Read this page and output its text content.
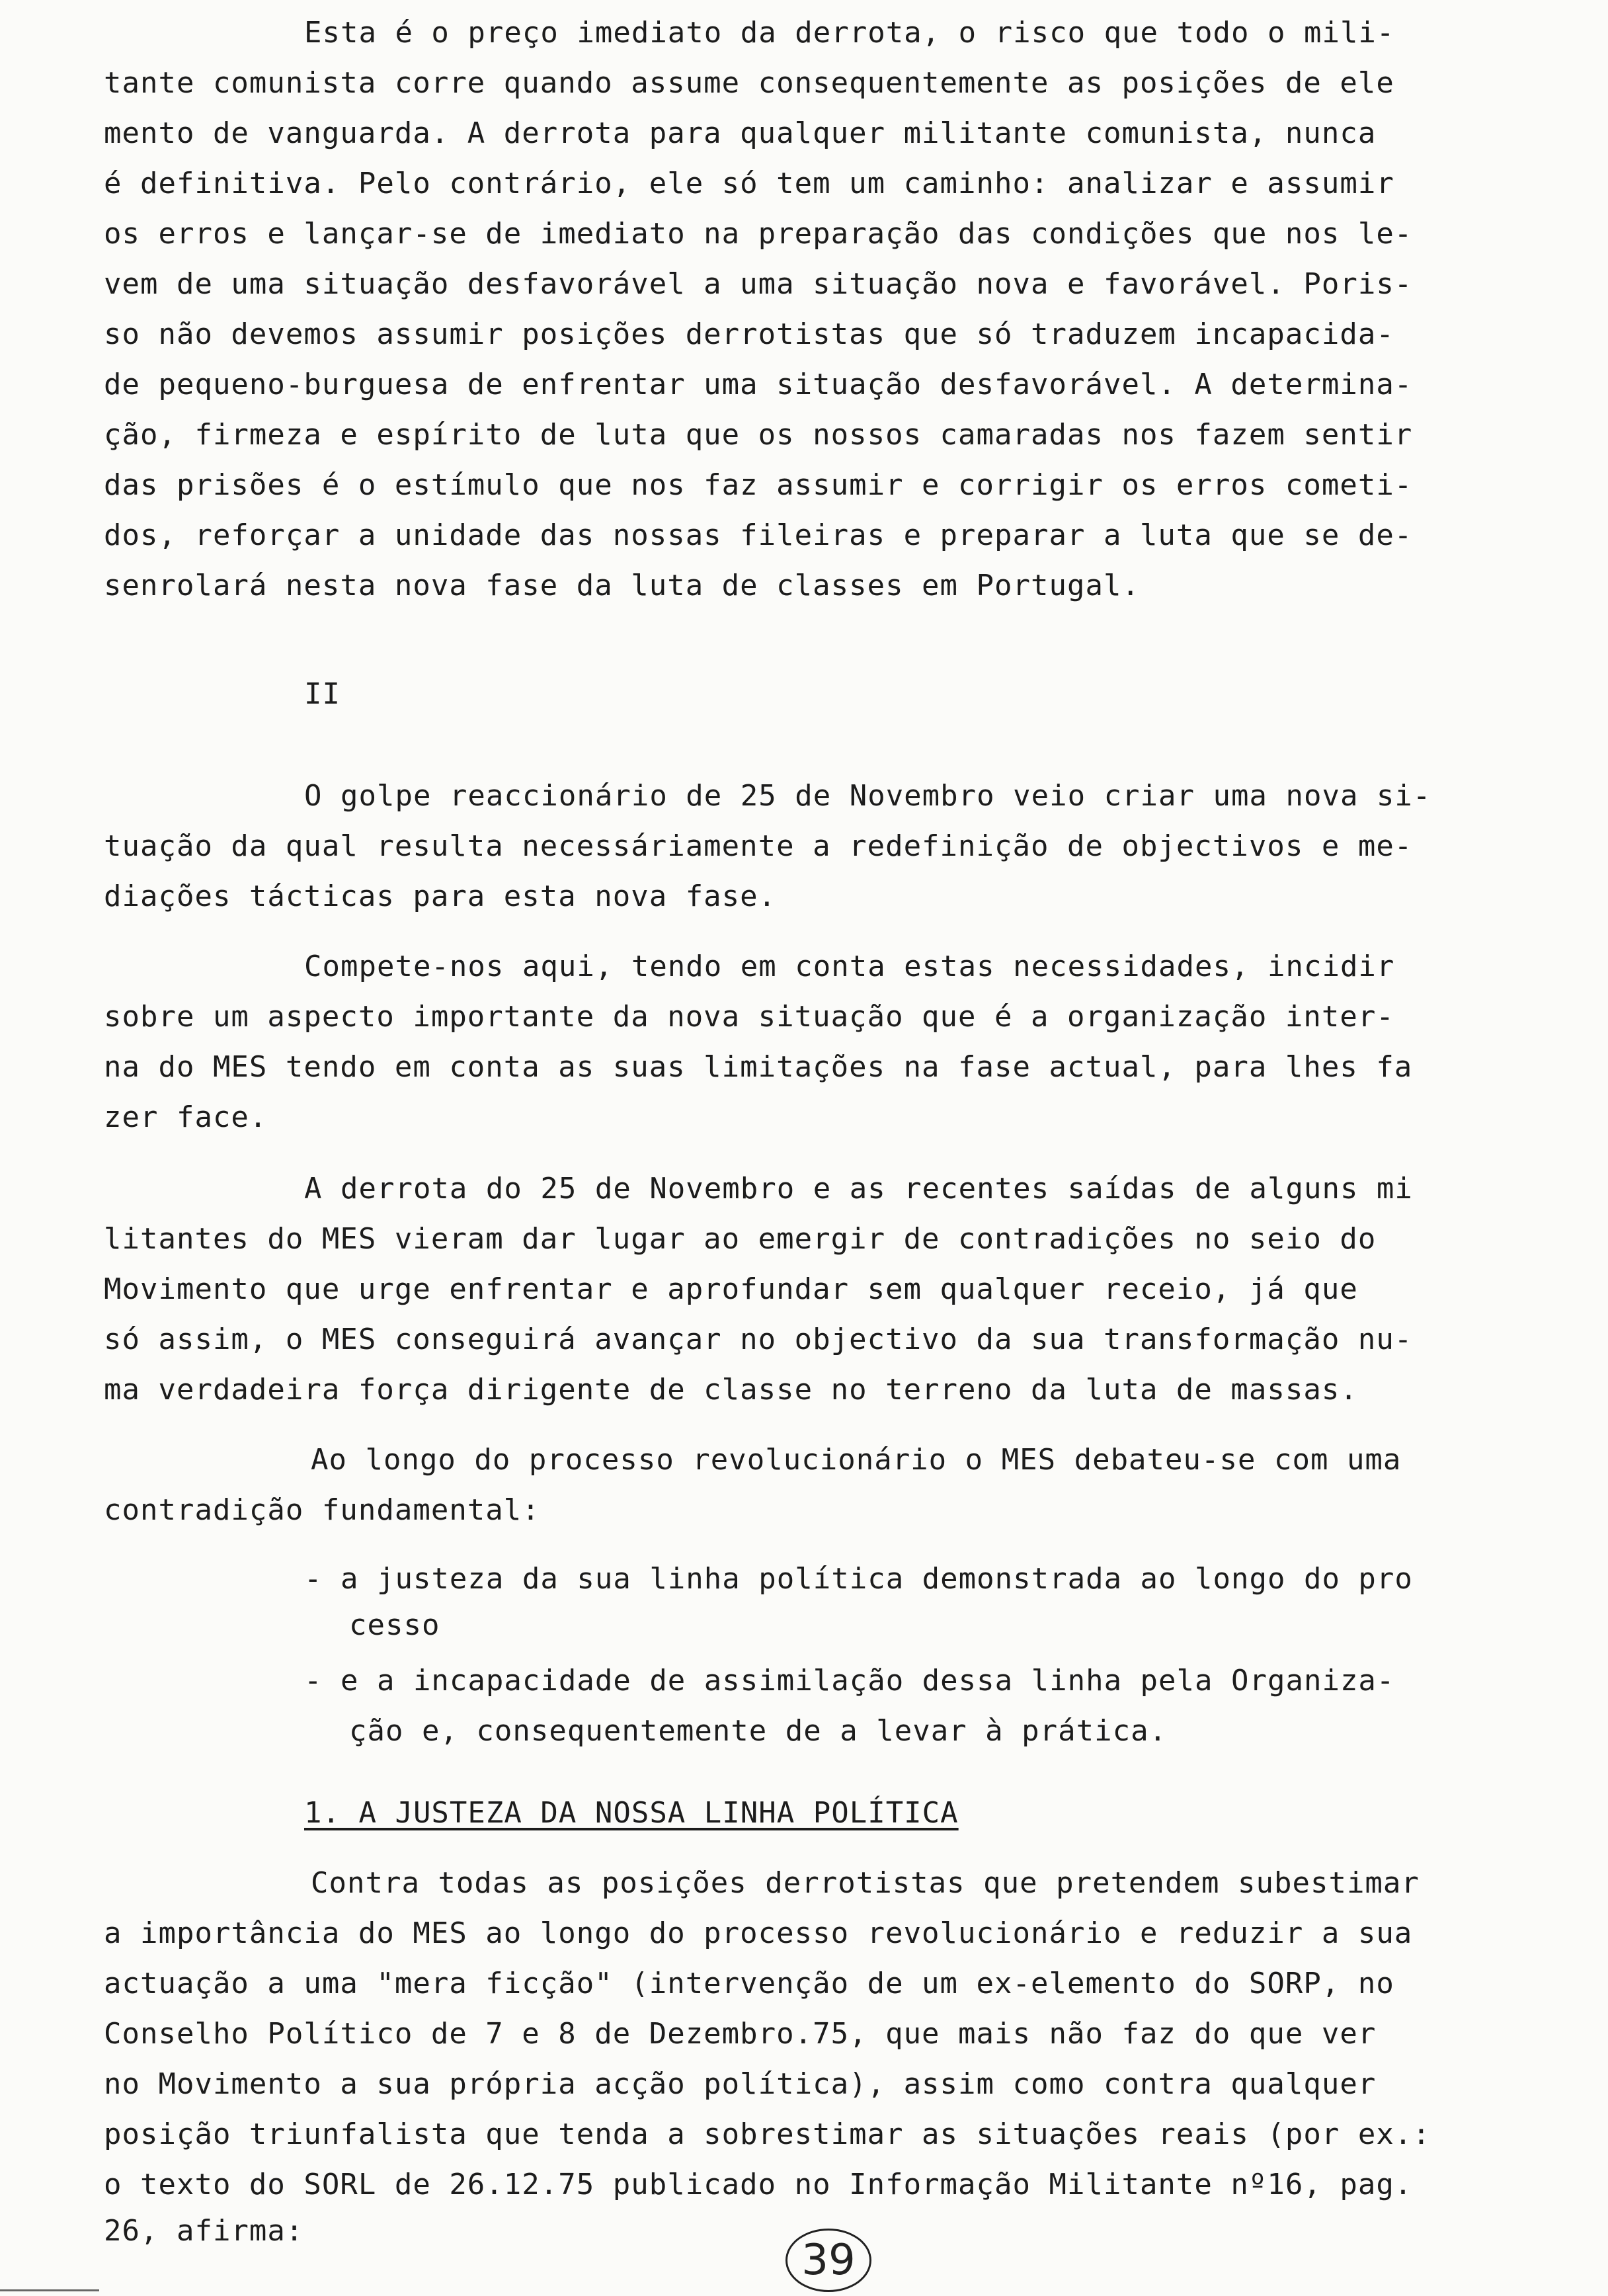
Esta é o preço imediato da derrota, o risco que todo o mili-
tante comunista corre quando assume consequentemente as posições de ele
mento de vanguarda. A derrota para qualquer militante comunista, nunca
é definitiva. Pelo contrário, ele só tem um caminho: analizar e assumir
os erros e lançar-se de imediato na preparação das condições que nos le-
vem de uma situação desfavorável a uma situação nova e favorável. Poris-
so não devemos assumir posições derrotistas que só traduzem incapacida-
de pequeno-burguesa de enfrentar uma situação desfavorável. A determina-
ção, firmeza e espírito de luta que os nossos camaradas nos fazem sentir
das prisões é o estímulo que nos faz assumir e corrigir os erros cometi-
dos, reforçar a unidade das nossas fileiras e preparar a luta que se de-
senrolará nesta nova fase da luta de classes em Portugal.
II
O golpe reaccionário de 25 de Novembro veio criar uma nova si-
tuação da qual resulta necessáriamente a redefinição de objectivos e me-
diações tácticas para esta nova fase.
Compete-nos aqui, tendo em conta estas necessidades, incidir
sobre um aspecto importante da nova situação que é a organização inter-
na do MES tendo em conta as suas limitações na fase actual, para lhes fa
zer face.
A derrota do 25 de Novembro e as recentes saídas de alguns mi
litantes do MES vieram dar lugar ao emergir de contradições no seio do
Movimento que urge enfrentar e aprofundar sem qualquer receio, já que
só assim, o MES conseguirá avançar no objectivo da sua transformação nu-
ma verdadeira força dirigente de classe no terreno da luta de massas.
Ao longo do processo revolucionário o MES debateu-se com uma
contradição fundamental:
- a justeza da sua linha política demonstrada ao longo do pro
cesso
- e a incapacidade de assimilação dessa linha pela Organiza-
ção e, consequentemente de a levar à prática.
1. A JUSTEZA DA NOSSA LINHA POLÍTICA
Contra todas as posições derrotistas que pretendem subestimar
a importância do MES ao longo do processo revolucionário e reduzir a sua
actuação a uma "mera ficção" (intervenção de um ex-elemento do SORP, no
Conselho Político de 7 e 8 de Dezembro.75, que mais não faz do que ver
no Movimento a sua própria acção política), assim como contra qualquer
posição triunfalista que tenda a sobrestimar as situações reais (por ex.:
o texto do SORL de 26.12.75 publicado no Informação Militante nº16, pag.
26, afirma:
39
